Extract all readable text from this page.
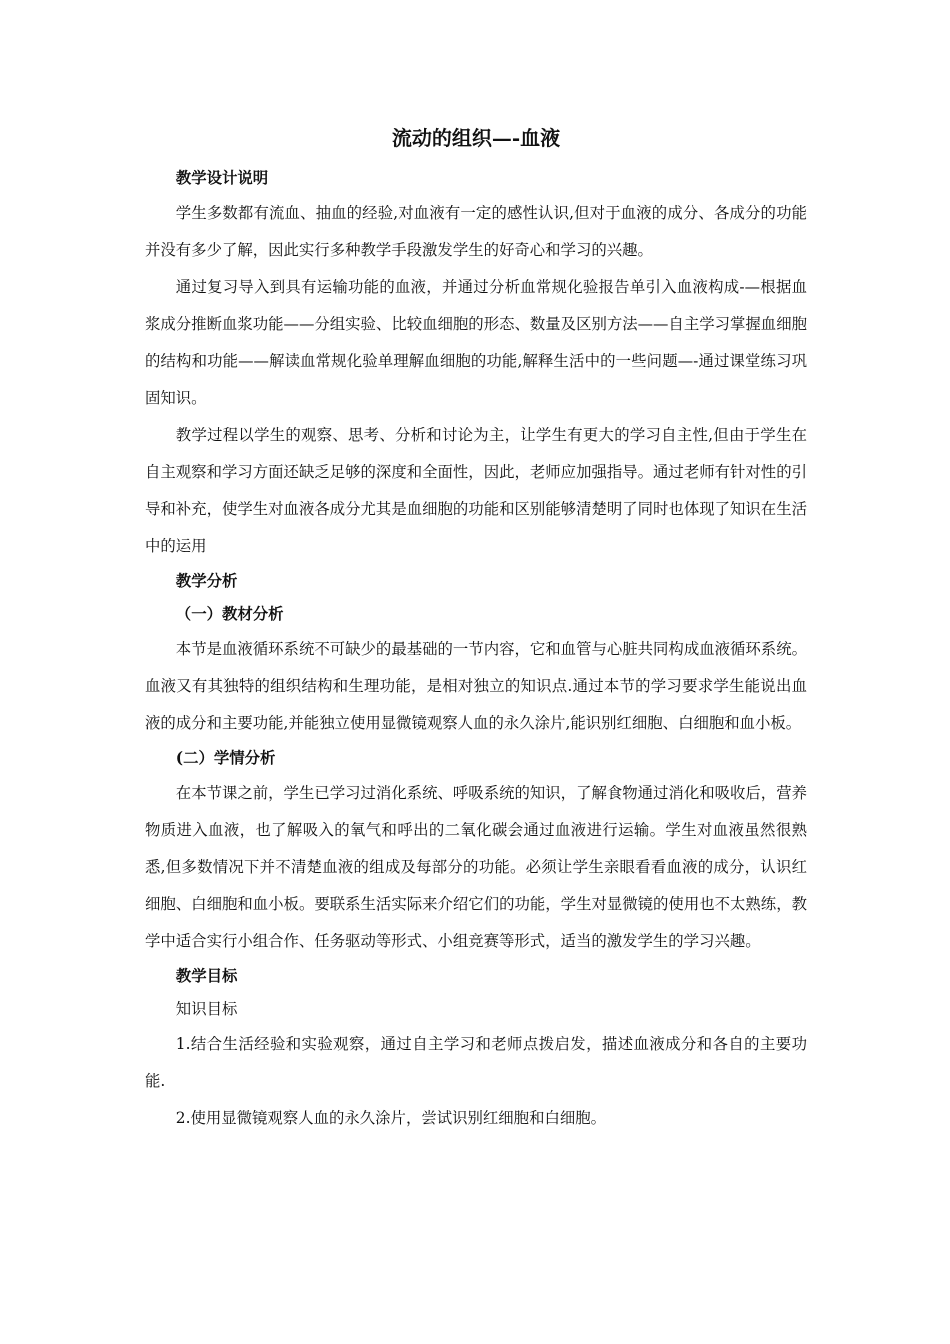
流动的组织—-血液
教学设计说明

学生多数都有流血、抽血的经验,对血液有一定的感性认识,但对于血液的成分、各成分的功能并没有多少了解，因此实行多种教学手段激发学生的好奇心和学习的兴趣。

通过复习导入到具有运输功能的血液，并通过分析血常规化验报告单引入血液构成-—根据血浆成分推断血浆功能——分组实验、比较血细胞的形态、数量及区别方法——自主学习掌握血细胞的结构和功能——解读血常规化验单理解血细胞的功能,解释生活中的一些问题—-通过课堂练习巩固知识。

教学过程以学生的观察、思考、分析和讨论为主，让学生有更大的学习自主性,但由于学生在自主观察和学习方面还缺乏足够的深度和全面性，因此，老师应加强指导。通过老师有针对性的引导和补充，使学生对血液各成分尤其是血细胞的功能和区别能够清楚明了同时也体现了知识在生活中的运用

教学分析
（一）教材分析

本节是血液循环系统不可缺少的最基础的一节内容，它和血管与心脏共同构成血液循环系统。血液又有其独特的组织结构和生理功能，是相对独立的知识点.通过本节的学习要求学生能说出血液的成分和主要功能,并能独立使用显微镜观察人血的永久涂片,能识别红细胞、白细胞和血小板。

(二）学情分析

在本节课之前，学生已学习过消化系统、呼吸系统的知识，了解食物通过消化和吸收后，营养物质进入血液，也了解吸入的氧气和呼出的二氧化碳会通过血液进行运输。学生对血液虽然很熟悉,但多数情况下并不清楚血液的组成及每部分的功能。必须让学生亲眼看看血液的成分，认识红细胞、白细胞和血小板。要联系生活实际来介绍它们的功能，学生对显微镜的使用也不太熟练，教学中适合实行小组合作、任务驱动等形式、小组竞赛等形式，适当的激发学生的学习兴趣。

教学目标
知识目标

1.结合生活经验和实验观察，通过自主学习和老师点拨启发，描述血液成分和各自的主要功能.

2.使用显微镜观察人血的永久涂片，尝试识别红细胞和白细胞。
